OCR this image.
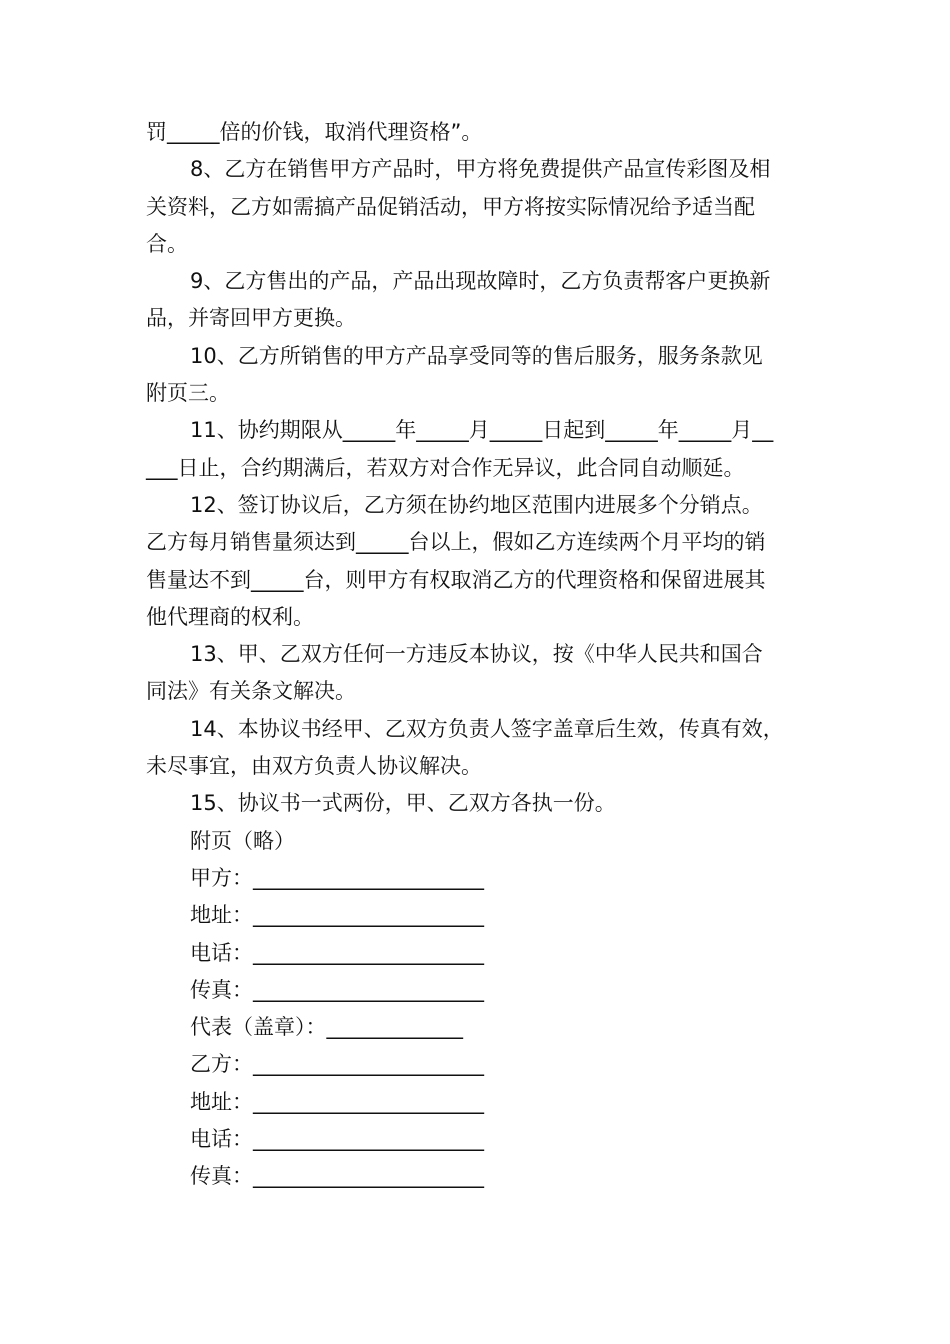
罚_____倍的价钱，取消代理资格”。

8、乙方在销售甲方产品时，甲方将免费提供产品宣传彩图及相

关资料，乙方如需搞产品促销活动，甲方将按实际情况给予适当配

合。

9、乙方售出的产品，产品出现故障时，乙方负责帮客户更换新

品，并寄回甲方更换。

10、乙方所销售的甲方产品享受同等的售后服务，服务条款见

附页三。

11、协约期限从_____年_____月_____日起到_____年_____月__

___日止，合约期满后，若双方对合作无异议，此合同自动顺延。

12、签订协议后，乙方须在协约地区范围内进展多个分销点。

乙方每月销售量须达到_____台以上，假如乙方连续两个月平均的销

售量达不到_____台，则甲方有权取消乙方的代理资格和保留进展其

他代理商的权利。

13、甲、乙双方任何一方违反本协议，按《中华人民共和国合

同法》有关条文解决。

14、本协议书经甲、乙双方负责人签字盖章后生效，传真有效，

未尽事宜，由双方负责人协议解决。

15、协议书一式两份，甲、乙双方各执一份。

附页（略）

甲方：______________________

地址：______________________

电话：______________________

传真：______________________

代表（盖章）：_____________

乙方：______________________

地址：______________________

电话：______________________

传真：______________________
